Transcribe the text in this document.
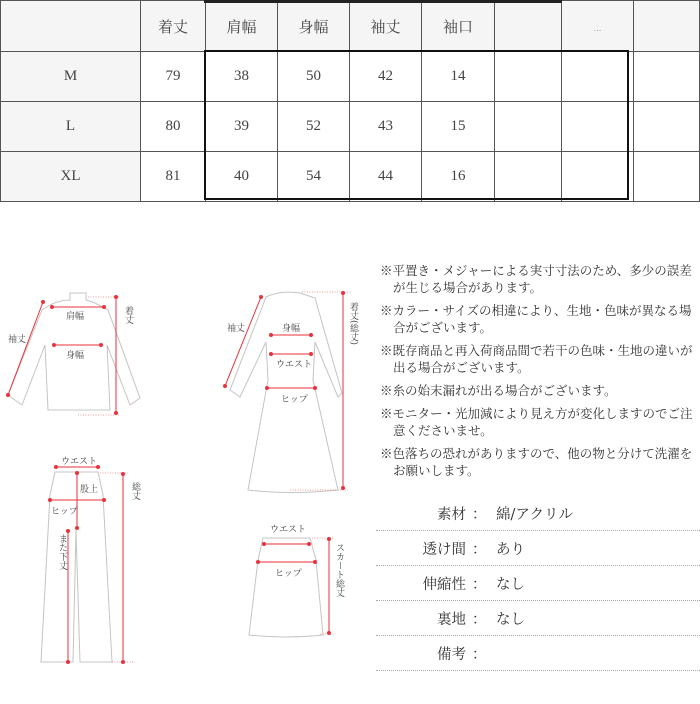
	着丈	肩幅	身幅	袖丈	袖口		...	
M	79	38	50	42	14			
L	80	39	52	43	15			
XL	81	40	54	44	16			
肩幅
身幅
袖丈
着丈
身幅
ウエスト
ヒップ
袖丈	着丈(総丈)
ウエスト
股上
ヒップ
また下丈
総丈
ウエスト
ヒップ	スカート総丈
※平置き・メジャーによる実寸寸法のため、多少の誤差が生じる場合があります。
※カラー・サイズの相違により、生地・色味が異なる場合がございます。
※既存商品と再入荷商品間で若干の色味・生地の違いが出る場合がございます。
※糸の始末漏れが出る場合がございます。
※モニター・光加減により見え方が変化しますのでご注意くださいませ。
※色落ちの恐れがありますので、他の物と分けて洗濯をお願いします。
素材 ： 綿/アクリル
透け間 ： あり
伸縮性 ： なし
裏地 ： なし
備考 ：
